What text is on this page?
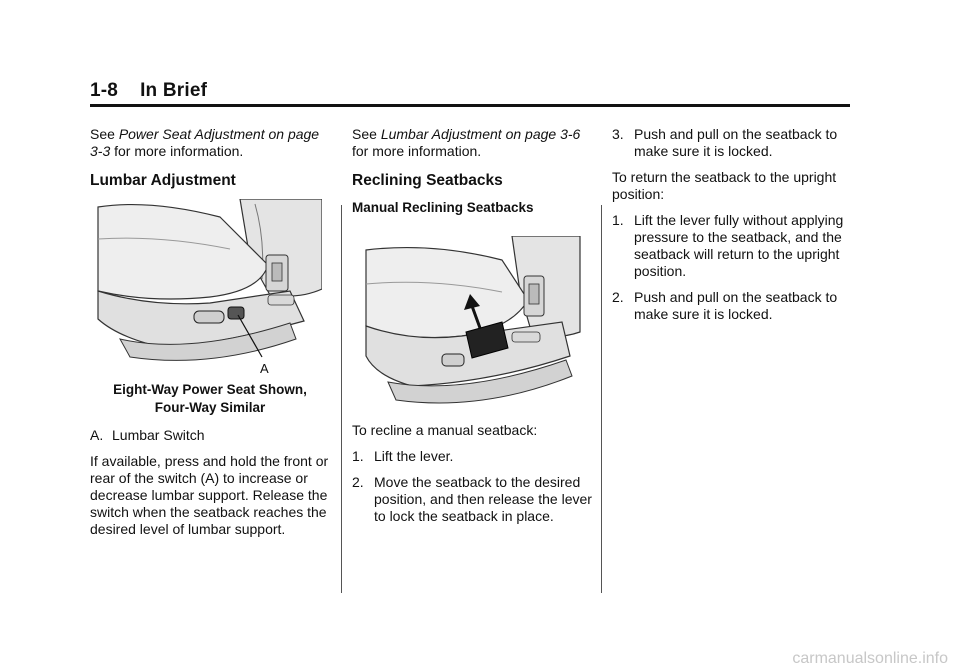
1-8 In Brief

See Power Seat Adjustment on page 3-3 for more information.

Lumbar Adjustment
A
Eight-Way Power Seat Shown,
Four-Way Similar

A. Lumbar Switch

If available, press and hold the front or rear of the switch (A) to increase or decrease lumbar support. Release the switch when the seatback reaches the desired level of lumbar support.

See Lumbar Adjustment on page 3-6 for more information.

Reclining Seatbacks
Manual Reclining Seatbacks

To recline a manual seatback:

1. Lift the lever.

2. Move the seatback to the desired position, and then release the lever to lock the seatback in place.

3. Push and pull on the seatback to make sure it is locked.

To return the seatback to the upright position:

1. Lift the lever fully without applying pressure to the seatback, and the seatback will return to the upright position.

2. Push and pull on the seatback to make sure it is locked.

carmanualsonline.info
